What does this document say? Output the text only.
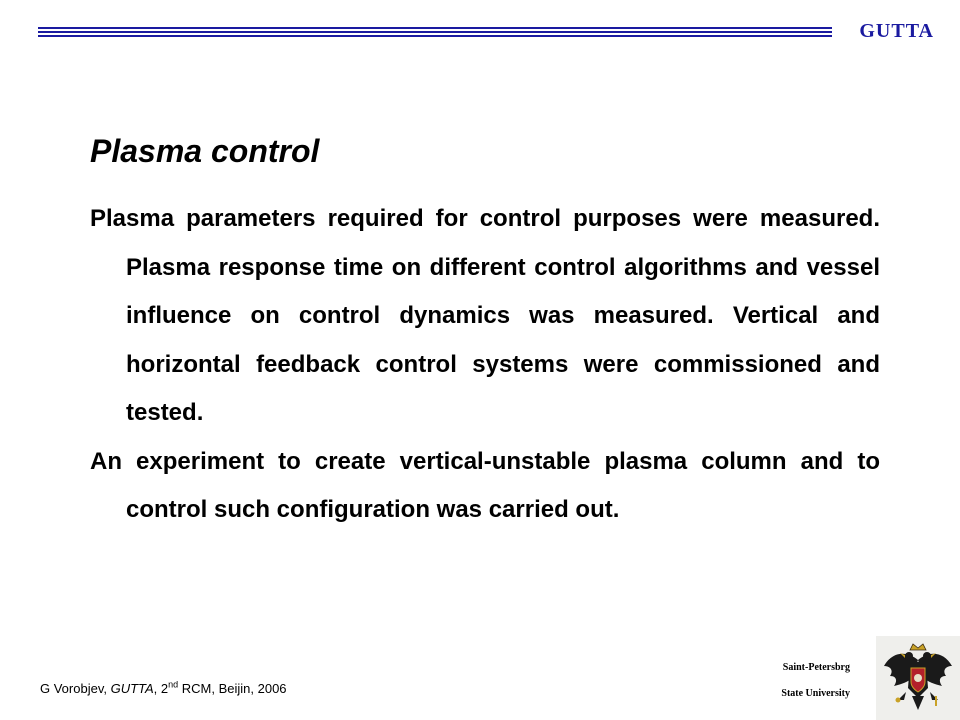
GUTTA
Plasma control

Plasma parameters required for control purposes were measured. Plasma response time on different control algorithms and vessel influence on control dynamics was measured. Vertical and horizontal feedback control systems were commissioned and tested.

An experiment to create vertical-unstable plasma column and to control such configuration was carried out.

G Vorobjev, GUTTA, 2nd RCM, Beijin, 2006
Saint-Petersbrg
State University
